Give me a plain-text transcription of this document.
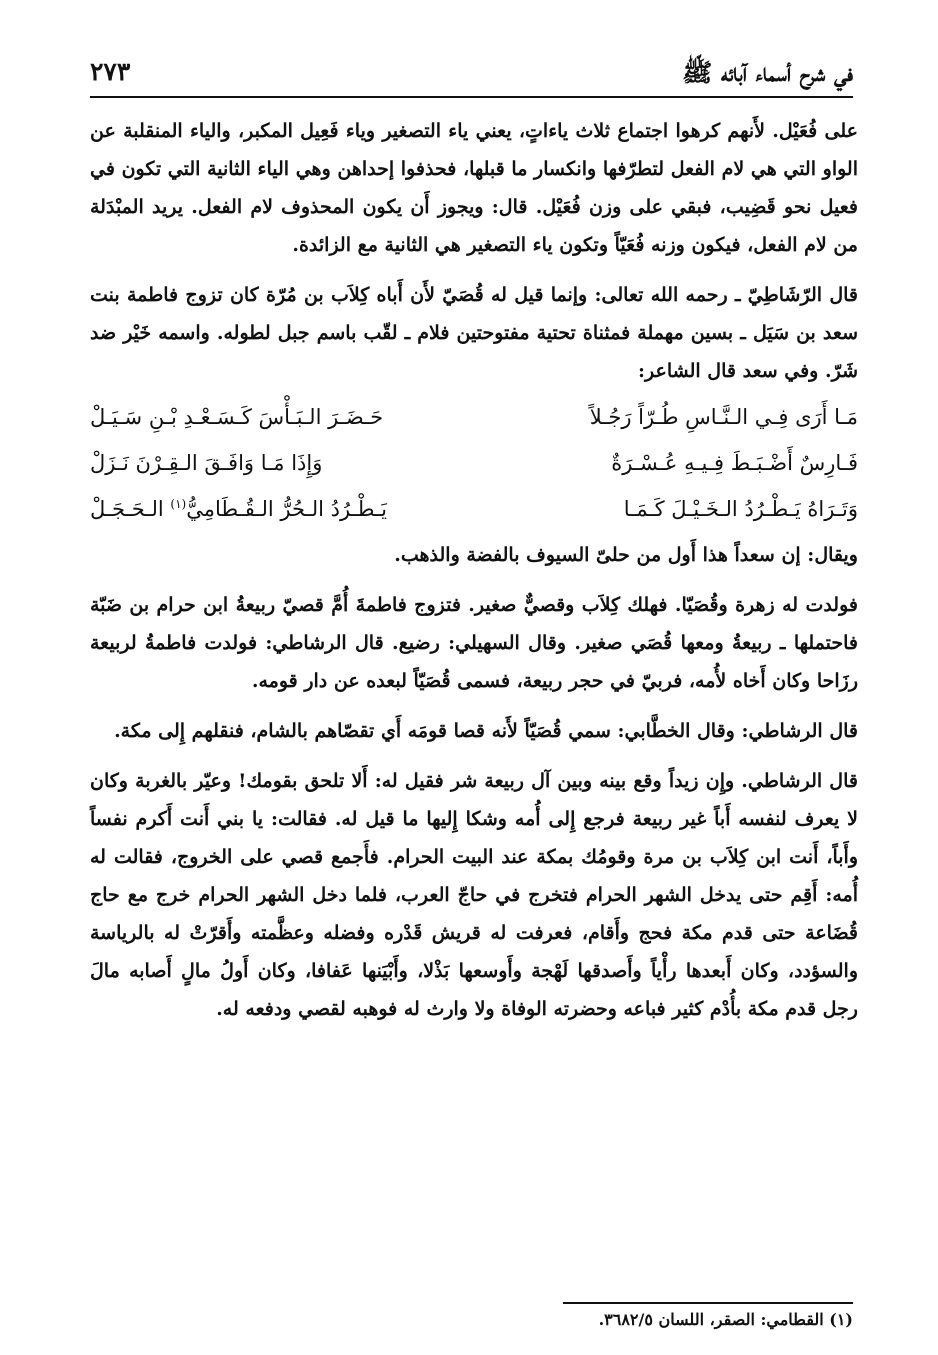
في شرح أسماء آبائه ﷺ
٢٧٣

على فُعَيْل. لأَنهم كرهوا اجتماع ثلاث ياءاتٍ، يعني ياء التصغير وياء فَعِيل المكبر، والياء المنقلبة عن الواو التي هي لام الفعل لتطرّفها وانكسار ما قبلها، فحذفوا إحداهن وهي الياء الثانية التي تكون في فعيل نحو قَضِيب، فبقي على وزن فُعَيْل. قال: ويجوز أَن يكون المحذوف لام الفعل. يريد المبْدَلة من لام الفعل، فيكون وزنه فُعَيّاً وتكون ياء التصغير هي الثانية مع الزائدة.

قال الرّشَاطِيّ ـ رحمه الله تعالى: وإنما قيل له قُصَيّ لأَن أَباه كِلاَب بن مُرّة كان تزوج فاطمة بنت سعد بن سَيَل ـ بسين مهملة فمثناة تحتية مفتوحتين فلام ـ لقّب باسم جبل لطوله. واسمه خَيْر ضد شَرّ. وفي سعد قال الشاعر:

مَـا أَرَى فِـي الـنَّـاسِ طُـرّاً رَجُـلاً
حَـضَـرَ الـبَـأْسَ كَـسَـعْـدِ بْـنِ سَـيَـلْ
فَـارِسٌ أَضْـبَـطَ فِـيـهِ عُـسْـرَةٌ
وَإِذَا مَـا وَافَـقَ الـقِـرْنَ نَـزَلْ
وَتَـرَاهُ يَـطْـرُدُ الـخَـيْـلَ كَـمَـا
يَـطْـرُدُ الـحُرُّ الـقُـطَامِيُّ$^{(١)}$ الـحَـجَـلْ

ويقال: إن سعداً هذا أَول من حلىّ السيوف بالفضة والذهب.

فولدت له زهرة وقُصَيّا. فهلك كِلاَب وقصيٌّ صغير. فتزوج فاطمةَ أُمَّ قصيّ ربيعةُ ابن حرام بن ضَبّة فاحتملها ـ ربيعةُ ومعها قُصَي صغير. وقال السهيلي: رضيع. قال الرشاطي: فولدت فاطمةُ لربيعة رزَاحا وكان أَخاه لأُمه، فربيّ في حجر ربيعة، فسمى قُصَيّاً لبعده عن دار قومه.

قال الرشاطي: وقال الخطَّابي: سمي قُصَيّاً لأَنه قصا قومَه أَي تقصّاهم بالشام، فنقلهم إِلى مكة.

قال الرشاطي. وإِن زيداً وقع بينه وبين آل ربيعة شر فقيل له: أَلا تلحق بقومك! وعيّر بالغربة وكان لا يعرف لنفسه أَباً غير ربيعة فرجع إِلى أُمه وشكا إِليها ما قيل له. فقالت: يا بني أَنت أَكرم نفساً وأَباً، أَنت ابن كِلاَب بن مرة وقومُك بمكة عند البيت الحرام. فأَجمع قصي على الخروج، فقالت له أُمه: أَقِم حتى يدخل الشهر الحرام فتخرج في حاجّ العرب، فلما دخل الشهر الحرام خرج مع حاج قُضَاعة حتى قدم مكة فحج وأَقام، فعرفت له قريش قَدْره وفضله وعظَّمته وأَقرّتْ له بالرياسة والسؤدد، وكان أَبعدها رأْياً وأَصدقها لَهْجة وأَوسعها بَذْلا، وأَبْيَنها عَفافا، وكان أَولُ مالٍ أَصابه مالَ رجل قدم مكة بأُدْم كثير فباعه وحضرته الوفاة ولا وارث له فوهبه لقصي ودفعه له.

(١) القطامي: الصقر، اللسان ٣٦٨٢/٥.
